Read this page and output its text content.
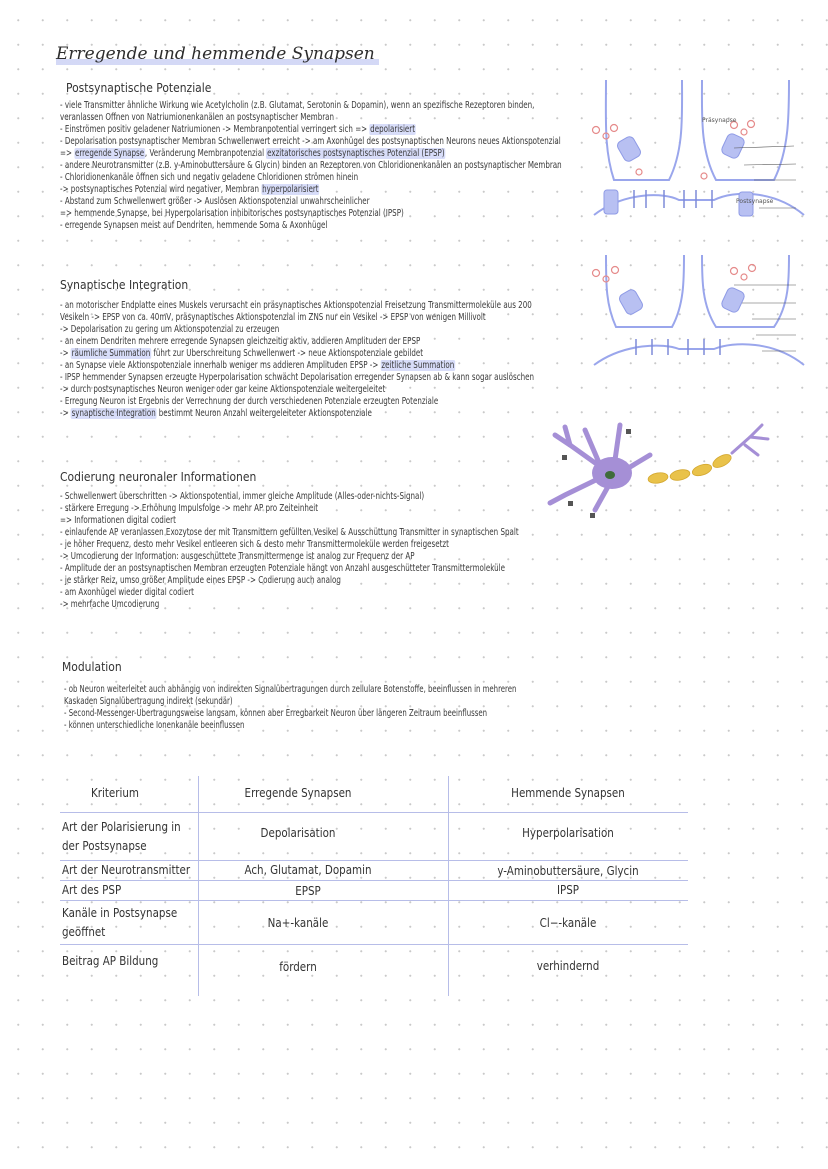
Erregende und hemmende Synapsen
Postsynaptische Potenziale
- viele Transmitter ähnliche Wirkung wie Acetylcholin (z.B. Glutamat, Serotonin & Dopamin), wenn an spezifische Rezeptoren binden,
veranlassen Öffnen von Natriumionenkanälen an postsynaptischer Membran
- Einströmen positiv geladener Natriumionen -> Membranpotential verringert sich => depolarisiert
- Depolarisation postsynaptischer Membran Schwellenwert erreicht -> am Axonhügel des postsynaptischen Neurons neues Aktionspotenzial
=> erregende Synapse, Veränderung Membranpotenzial exzitatorisches postsynaptisches Potenzial (EPSP)
- andere Neurotransmitter (z.B. y-Aminobuttersäure & Glycin) binden an Rezeptoren von Chloridionenkanälen an postsynaptischer Membran
- Chloridionenkanäle öffnen sich und negativ geladene Chloridionen strömen hinein
-> postsynaptisches Potenzial wird negativer, Membran hyperpolarisiert
- Abstand zum Schwellenwert größer -> Auslösen Aktionspotenzial unwahrscheinlicher
=> hemmende Synapse, bei Hyperpolarisation inhibitorisches postsynaptisches Potenzial (IPSP)
- erregende Synapsen meist auf Dendriten, hemmende Soma & Axonhügel
Synaptische Integration
- an motorischer Endplatte eines Muskels verursacht ein präsynaptisches Aktionspotenzial Freisetzung Transmittermoleküle aus 200
Vesikeln -> EPSP von ca. 40mV, präsynaptisches Aktionspotenzial im ZNS nur ein Vesikel -> EPSP von wenigen Millivolt
-> Depolarisation zu gering um Aktionspotenzial zu erzeugen
- an einem Dendriten mehrere erregende Synapsen gleichzeitig aktiv, addieren Amplituden der EPSP
-> räumliche Summation führt zur Überschreitung Schwellenwert -> neue Aktionspotenziale gebildet
- an Synapse viele Aktionspotenziale innerhalb weniger ms addieren Amplituden EPSP -> zeitliche Summation
- IPSP hemmender Synapsen erzeugte Hyperpolarisation schwächt Depolarisation erregender Synapsen ab & kann sogar auslöschen
-> durch postsynaptisches Neuron weniger oder gar keine Aktionspotenziale weitergeleitet
- Erregung Neuron ist Ergebnis der Verrechnung der durch verschiedenen Potenziale erzeugten Potenziale
-> synaptische Integration bestimmt Neuron Anzahl weitergeleiteter Aktionspotenziale
Codierung neuronaler Informationen
- Schwellenwert überschritten -> Aktionspotential, immer gleiche Amplitude (Alles-oder-nichts-Signal)
- stärkere Erregung -> Erhöhung Impulsfolge -> mehr AP pro Zeiteinheit
=> Informationen digital codiert
- einlaufende AP veranlassen Exozytose der mit Transmittern gefüllten Vesikel & Ausschüttung Transmitter in synaptischen Spalt
- je höher Frequenz, desto mehr Vesikel entleeren sich & desto mehr Transmittermoleküle werden freigesetzt
-> Umcodierung der Information: ausgeschüttete Transmittermenge ist analog zur Frequenz der AP
- Amplitude der an postsynaptischen Membran erzeugten Potenziale hängt von Anzahl ausgeschütteter Transmittermoleküle
- je stärker Reiz, umso größer Amplitude eines EPSP -> Codierung auch analog
- am Axonhügel wieder digital codiert
-> mehrfache Umcodierung
Modulation
- ob Neuron weiterleitet auch abhängig von indirekten Signalübertragungen durch zellulare Botenstoffe, beeinflussen in mehreren
Kaskaden Signalübertragung indirekt (sekundär)
- Second-Messenger-Übertragungsweise langsam, können aber Erregbarkeit Neuron über längeren Zeitraum beeinflussen
- können unterschiedliche Ionenkanäle beeinflussen
Präsynapse
Postsynapse
Kriterium	Erregende Synapsen	Hemmende Synapsen
Art der Polarisierung in
der Postsynapse
Depolarisation	Hyperpolarisation
Art der Neurotransmitter	Ach, Glutamat, Dopamin	y-Aminobuttersäure, Glycin
Art des PSP	EPSP	IPSP
Kanäle in Postsynapse
geöffnet
Na+-kanäle	Cl−-kanäle
Beitrag AP Bildung	fördern	verhindernd
